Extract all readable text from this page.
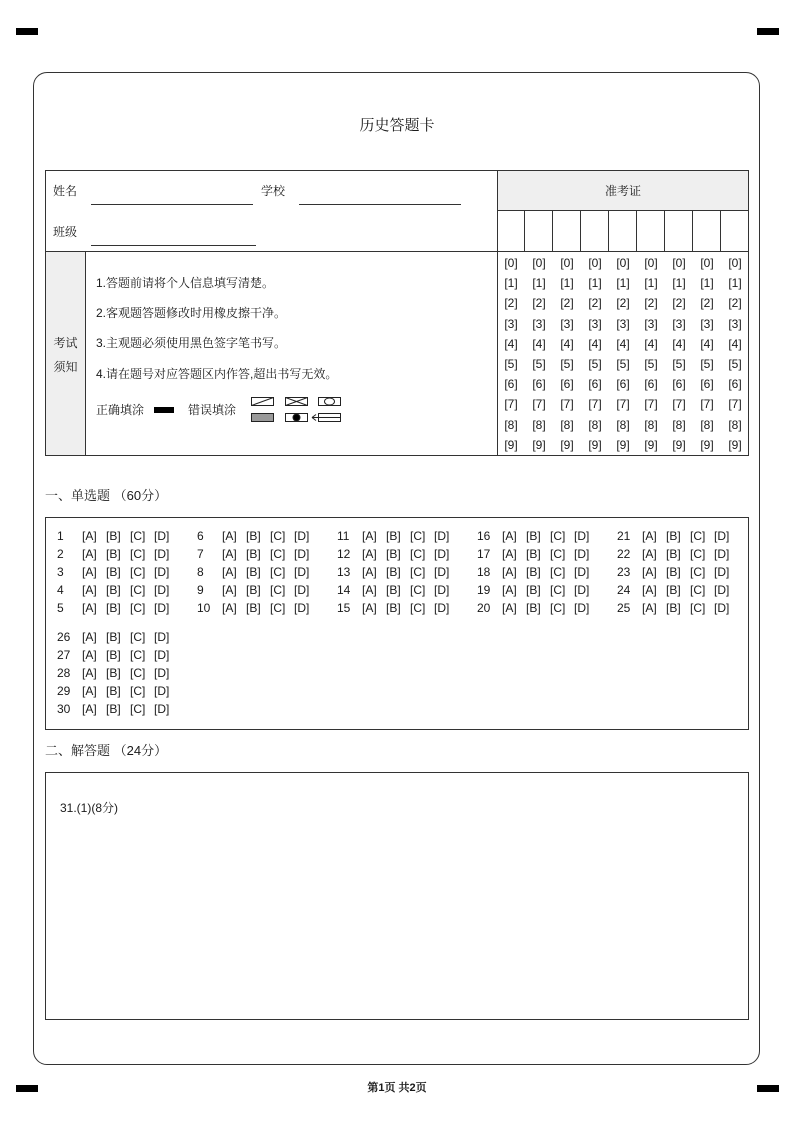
历史答题卡
准考证
姓名	学校
班级
考试
须知
1.答题前请将个人信息填写清楚。
2.客观题答题修改时用橡皮擦干净。
3.主观题必须使用黑色签字笔书写。
4.请在题号对应答题区内作答,超出书写无效。
正确填涂	错误填涂
一、单选题 （60分）
二、解答题 （24分）
31.(1)(8分)
第1页 共2页
[0]
[1]
[2]
[3]
[4]
[5]
[6]
[7]
[8]
[9]
[0]
[1]
[2]
[3]
[4]
[5]
[6]
[7]
[8]
[9]
[0]
[1]
[2]
[3]
[4]
[5]
[6]
[7]
[8]
[9]
[0]
[1]
[2]
[3]
[4]
[5]
[6]
[7]
[8]
[9]
[0]
[1]
[2]
[3]
[4]
[5]
[6]
[7]
[8]
[9]
[0]
[1]
[2]
[3]
[4]
[5]
[6]
[7]
[8]
[9]
[0]
[1]
[2]
[3]
[4]
[5]
[6]
[7]
[8]
[9]
[0]
[1]
[2]
[3]
[4]
[5]
[6]
[7]
[8]
[9]
[0]
[1]
[2]
[3]
[4]
[5]
[6]
[7]
[8]
[9]
1 [A] [B] [C] [D]
2 [A] [B] [C] [D]
3 [A] [B] [C] [D]
4 [A] [B] [C] [D]
5 [A] [B] [C] [D]
6 [A] [B] [C] [D]
7 [A] [B] [C] [D]
8 [A] [B] [C] [D]
9 [A] [B] [C] [D]
10 [A] [B] [C] [D]
11 [A] [B] [C] [D]
12 [A] [B] [C] [D]
13 [A] [B] [C] [D]
14 [A] [B] [C] [D]
15 [A] [B] [C] [D]
16 [A] [B] [C] [D]
17 [A] [B] [C] [D]
18 [A] [B] [C] [D]
19 [A] [B] [C] [D]
20 [A] [B] [C] [D]
21 [A] [B] [C] [D]
22 [A] [B] [C] [D]
23 [A] [B] [C] [D]
24 [A] [B] [C] [D]
25 [A] [B] [C] [D]
26 [A] [B] [C] [D]
27 [A] [B] [C] [D]
28 [A] [B] [C] [D]
29 [A] [B] [C] [D]
30 [A] [B] [C] [D]
